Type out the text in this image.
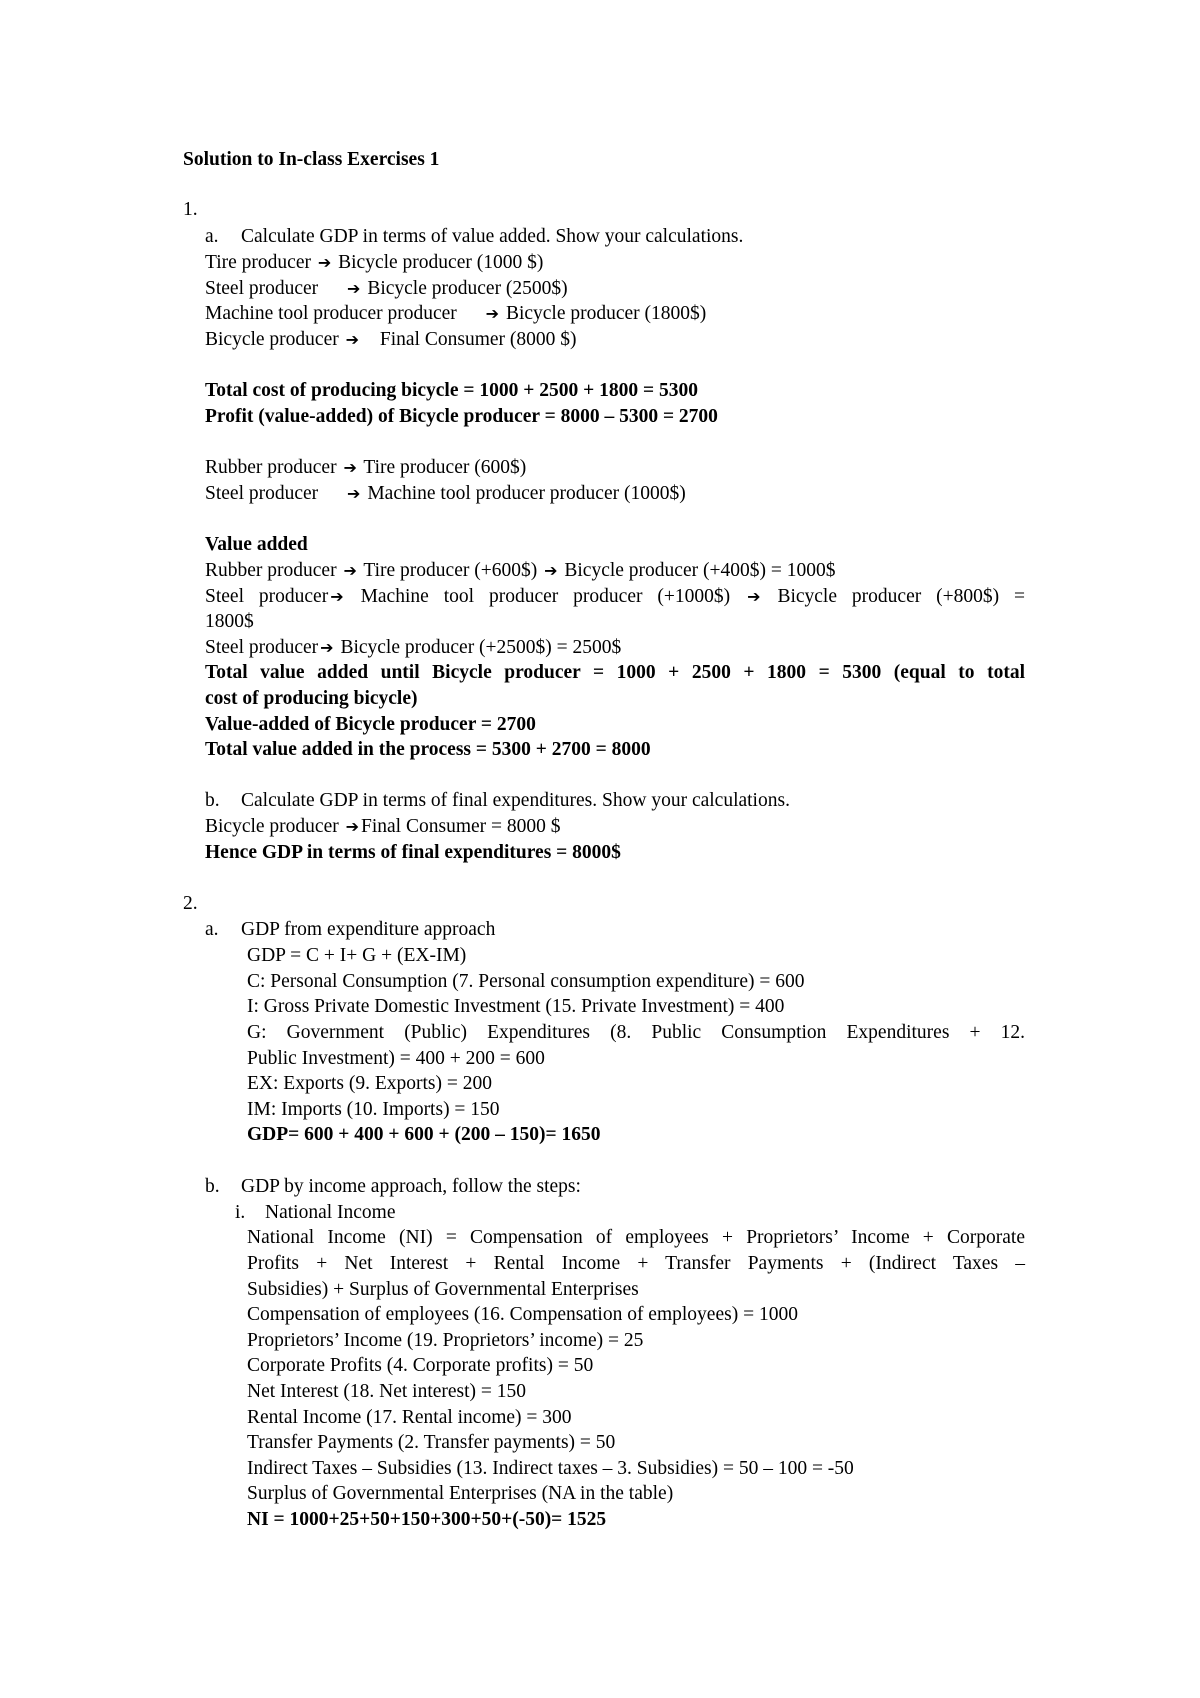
Solution to In-class Exercises 1
1.
a. Calculate GDP in terms of value added. Show your calculations.
Tire producer ➔ Bicycle producer (1000 $)
Steel producer ➔ Bicycle producer (2500$)
Machine tool producer producer ➔ Bicycle producer (1800$)
Bicycle producer ➔ Final Consumer (8000 $)
Total cost of producing bicycle = 1000 + 2500 + 1800 = 5300
Profit (value-added) of Bicycle producer = 8000 – 5300 = 2700
Rubber producer ➔ Tire producer (600$)
Steel producer ➔ Machine tool producer producer (1000$)
Value added
Rubber producer ➔ Tire producer (+600$) ➔ Bicycle producer (+400$) = 1000$
Steel producer ➔ Machine tool producer producer (+1000$) ➔ Bicycle producer (+800$) =
1800$
Steel producer ➔ Bicycle producer (+2500$) = 2500$
Total value added until Bicycle producer = 1000 + 2500 + 1800 = 5300 (equal to total
cost of producing bicycle)
Value-added of Bicycle producer = 2700
Total value added in the process = 5300 + 2700 = 8000
b. Calculate GDP in terms of final expenditures. Show your calculations.
Bicycle producer ➔ Final Consumer = 8000 $
Hence GDP in terms of final expenditures = 8000$
2.
a. GDP from expenditure approach
GDP = C + I+ G + (EX-IM)
C: Personal Consumption (7. Personal consumption expenditure) = 600
I: Gross Private Domestic Investment (15. Private Investment) = 400
G: Government (Public) Expenditures (8. Public Consumption Expenditures + 12.
Public Investment) = 400 + 200 = 600
EX: Exports (9. Exports) = 200
IM: Imports (10. Imports) = 150
GDP= 600 + 400 + 600 + (200 – 150)= 1650
b. GDP by income approach, follow the steps:
i. National Income
National Income (NI) = Compensation of employees + Proprietors’ Income + Corporate
Profits + Net Interest + Rental Income + Transfer Payments + (Indirect Taxes –
Subsidies) + Surplus of Governmental Enterprises
Compensation of employees (16. Compensation of employees) = 1000
Proprietors’ Income (19. Proprietors’ income) = 25
Corporate Profits (4. Corporate profits) = 50
Net Interest (18. Net interest) = 150
Rental Income (17. Rental income) = 300
Transfer Payments (2. Transfer payments) = 50
Indirect Taxes – Subsidies (13. Indirect taxes – 3. Subsidies) = 50 – 100 = -50
Surplus of Governmental Enterprises (NA in the table)
NI = 1000+25+50+150+300+50+(-50)= 1525
